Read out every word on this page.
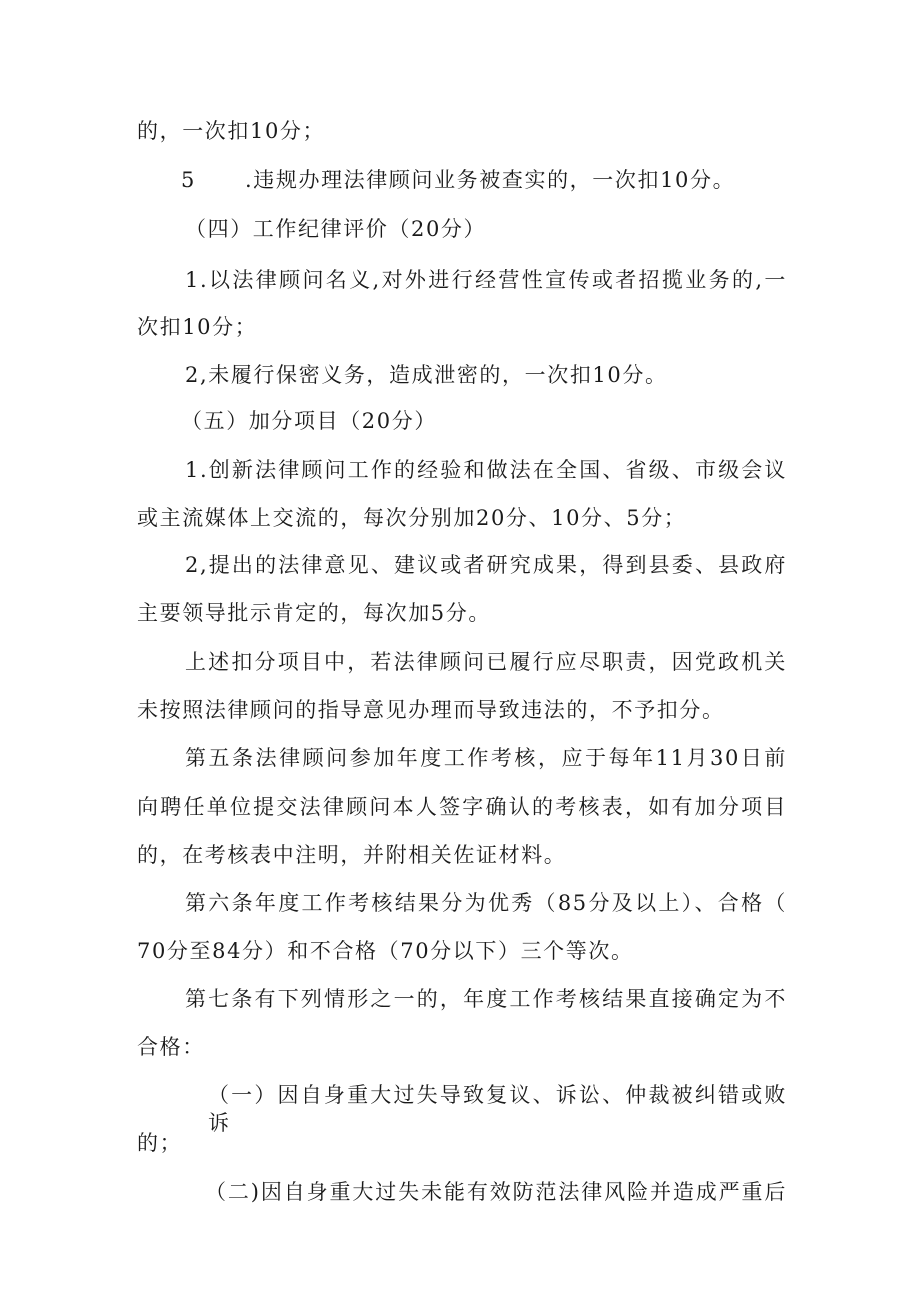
的，一次扣10分；
5 .违规办理法律顾问业务被查实的，一次扣10分。
（四）工作纪律评价（20分）
1.以法律顾问名义,对外进行经营性宣传或者招揽业务的,一
次扣10分；
2,未履行保密义务，造成泄密的，一次扣10分。
（五）加分项目（20分）
1.创新法律顾问工作的经验和做法在全国、省级、市级会议
或主流媒体上交流的，每次分别加20分、10分、5分；
2,提出的法律意见、建议或者研究成果，得到县委、县政府
主要领导批示肯定的，每次加5分。
上述扣分项目中，若法律顾问已履行应尽职责，因党政机关
未按照法律顾问的指导意见办理而导致违法的，不予扣分。
第五条法律顾问参加年度工作考核，应于每年11月30日前
向聘任单位提交法律顾问本人签字确认的考核表，如有加分项目
的，在考核表中注明，并附相关佐证材料。
第六条年度工作考核结果分为优秀（85分及以上）、合格（
70分至84分）和不合格（70分以下）三个等次。
第七条有下列情形之一的，年度工作考核结果直接确定为不
合格：
（一）因自身重大过失导致复议、诉讼、仲裁被纠错或败诉
的；
（二)因自身重大过失未能有效防范法律风险并造成严重后
